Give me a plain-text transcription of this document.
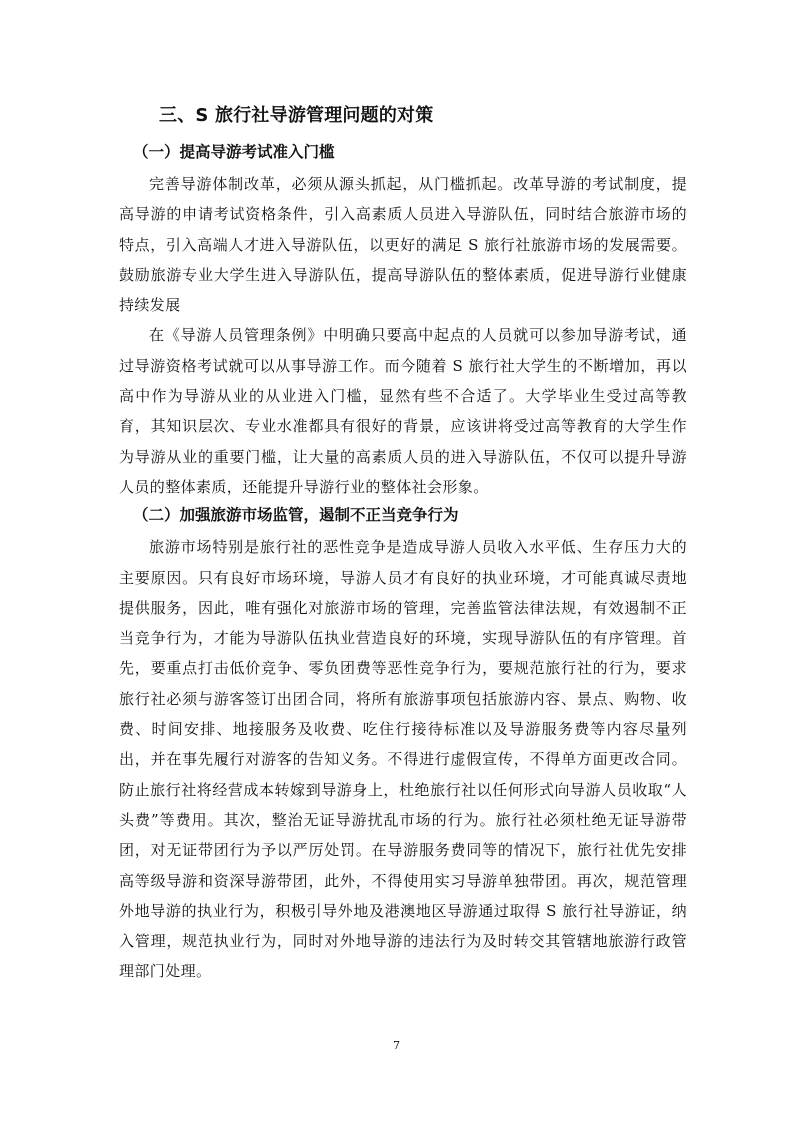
三、S 旅行社导游管理问题的对策
（一）提高导游考试准入门槛

完善导游体制改革，必须从源头抓起，从门槛抓起。改革导游的考试制度，提高导游的申请考试资格条件，引入高素质人员进入导游队伍，同时结合旅游市场的特点，引入高端人才进入导游队伍，以更好的满足 S 旅行社旅游市场的发展需要。鼓励旅游专业大学生进入导游队伍，提高导游队伍的整体素质，促进导游行业健康持续发展

在《导游人员管理条例》中明确只要高中起点的人员就可以参加导游考试，通过导游资格考试就可以从事导游工作。而今随着 S 旅行社大学生的不断增加，再以高中作为导游从业的从业进入门槛，显然有些不合适了。大学毕业生受过高等教育，其知识层次、专业水准都具有很好的背景，应该讲将受过高等教育的大学生作为导游从业的重要门槛，让大量的高素质人员的进入导游队伍，不仅可以提升导游人员的整体素质，还能提升导游行业的整体社会形象。

（二）加强旅游市场监管，遏制不正当竞争行为

旅游市场特别是旅行社的恶性竞争是造成导游人员收入水平低、生存压力大的主要原因。只有良好市场环境，导游人员才有良好的执业环境，才可能真诚尽责地提供服务，因此，唯有强化对旅游市场的管理，完善监管法律法规，有效遏制不正当竞争行为，才能为导游队伍执业营造良好的环境，实现导游队伍的有序管理。首先，要重点打击低价竞争、零负团费等恶性竞争行为，要规范旅行社的行为，要求旅行社必须与游客签订出团合同，将所有旅游事项包括旅游内容、景点、购物、收费、时间安排、地接服务及收费、吃住行接待标准以及导游服务费等内容尽量列出，并在事先履行对游客的告知义务。不得进行虚假宣传，不得单方面更改合同。防止旅行社将经营成本转嫁到导游身上，杜绝旅行社以任何形式向导游人员收取“人头费”等费用。其次，整治无证导游扰乱市场的行为。旅行社必须杜绝无证导游带团，对无证带团行为予以严厉处罚。在导游服务费同等的情况下，旅行社优先安排高等级导游和资深导游带团，此外，不得使用实习导游单独带团。再次，规范管理外地导游的执业行为，积极引导外地及港澳地区导游通过取得 S 旅行社导游证，纳入管理，规范执业行为，同时对外地导游的违法行为及时转交其管辖地旅游行政管理部门处理。

7
